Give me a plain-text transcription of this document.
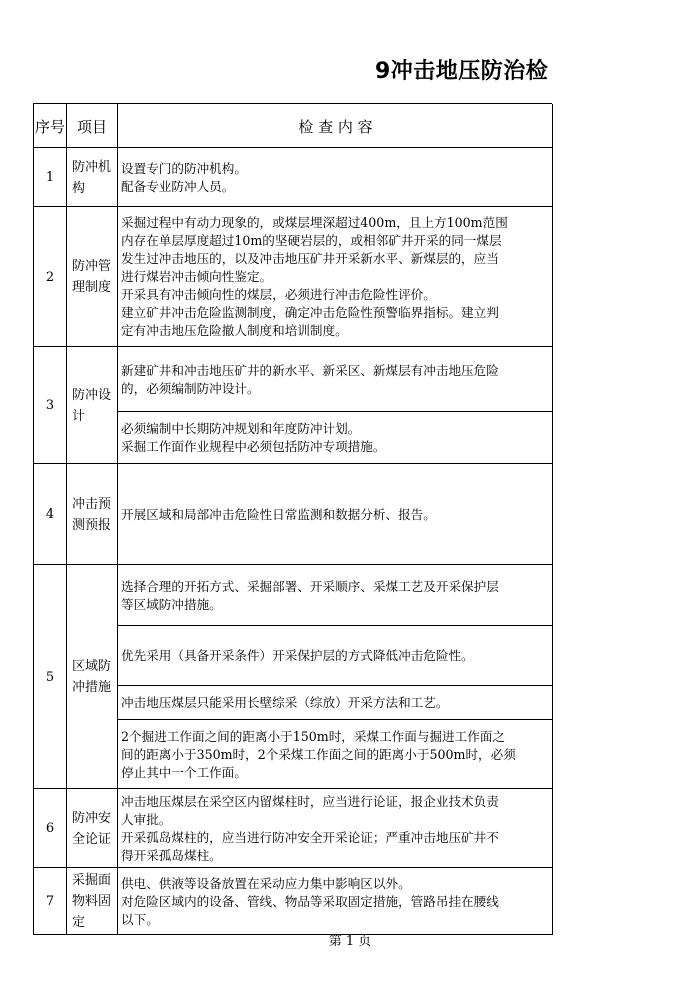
9冲击地压防治检
序号 项目	检 查 内 容
1
防冲机构
设置专门的防冲机构。
配备专业防冲人员。
2
防冲管理制度
采掘过程中有动力现象的，或煤层埋深超过400m，且上方100m范围
内存在单层厚度超过10m的坚硬岩层的，或相邻矿井开采的同一煤层
发生过冲击地压的，以及冲击地压矿井开采新水平、新煤层的，应当
进行煤岩冲击倾向性鉴定。
开采具有冲击倾向性的煤层，必须进行冲击危险性评价。
建立矿井冲击危险监测制度，确定冲击危险性预警临界指标。建立判
定有冲击地压危险撤人制度和培训制度。
3
防冲设计
新建矿井和冲击地压矿井的新水平、新采区、新煤层有冲击地压危险
的，必须编制防冲设计。
必须编制中长期防冲规划和年度防冲计划。
采掘工作面作业规程中必须包括防冲专项措施。
4
冲击预测预报
开展区域和局部冲击危险性日常监测和数据分析、报告。
5
区域防冲措施
选择合理的开拓方式、采掘部署、开采顺序、采煤工艺及开采保护层
等区域防冲措施。
优先采用（具备开采条件）开采保护层的方式降低冲击危险性。
冲击地压煤层只能采用长壁综采（综放）开采方法和工艺。
2个掘进工作面之间的距离小于150m时，采煤工作面与掘进工作面之
间的距离小于350m时，2个采煤工作面之间的距离小于500m时，必须
停止其中一个工作面。
6
防冲安全论证
冲击地压煤层在采空区内留煤柱时，应当进行论证，报企业技术负责
人审批。
开采孤岛煤柱的，应当进行防冲安全开采论证；严重冲击地压矿井不
得开采孤岛煤柱。
7
采掘面物料固定
供电、供液等设备放置在采动应力集中影响区以外。
对危险区域内的设备、管线、物品等采取固定措施，管路吊挂在腰线
以下。
第 1 页
